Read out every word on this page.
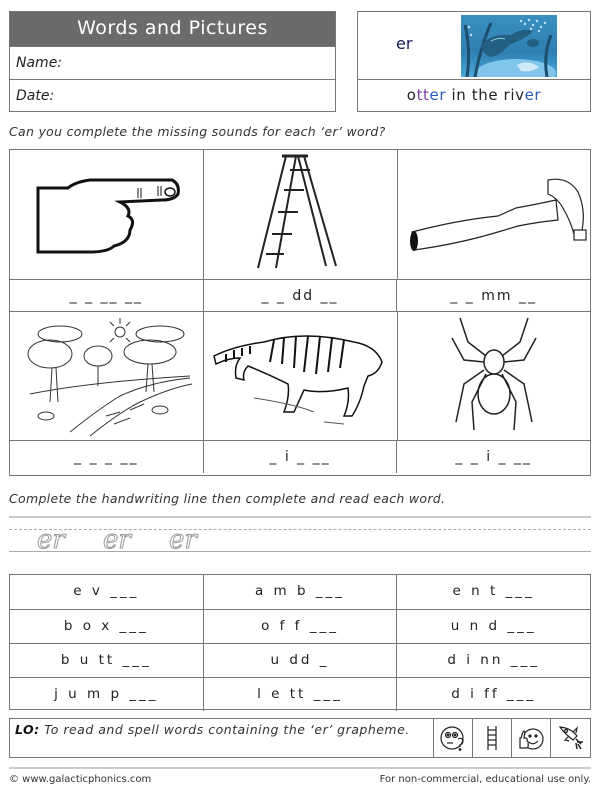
Words and Pictures
Name:
Date:
er
otter in the river
Can you complete the missing sounds for each ‘er’ word?
_ _ __ __	_ _ dd __	_ _ mm __
_ _ _ __	_ i _ __	_ _ i _ __
Complete the handwriting line then complete and read each word.
er er er
e v ___	a m b ___	e n t ___
b o x ___	o f f ___	u n d ___
b u tt ___	u dd _	d i nn ___
j u m p ___	l e tt ___	d i ff ___
LO: To read and spell words containing the ‘er’ grapheme.
© www.galacticphonics.com	For non-commercial, educational use only.
